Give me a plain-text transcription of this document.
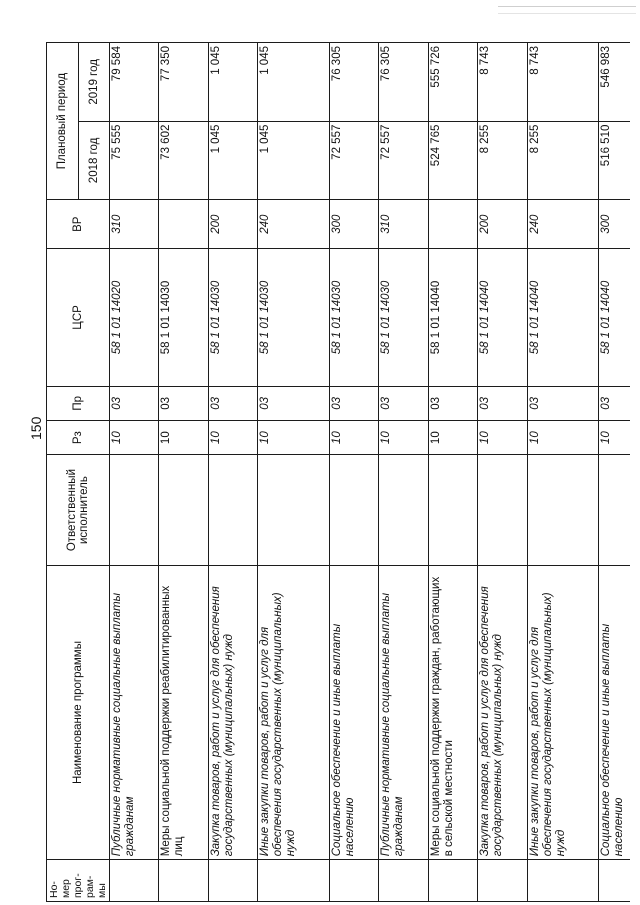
150
Но-
мер
прог-
рам-
мы	Наименование программы	Ответственный исполнитель	Рз	Пр	ЦСР	ВР	Плановый период	
							2018 год	2019 год
	Публичные нормативные социальные выплаты гражданам		10	03	58 1 01 14020	310	75 555	79 584
	Меры социальной поддержки реабилитированных лиц		10	03	58 1 01 14030		73 602	77 350
	Закупка товаров, работ и услуг для обеспечения государственных (муниципальных) нужд		10	03	58 1 01 14030	200	1 045	1 045
	Иные закупки товаров, работ и услуг для обеспечения государственных (муниципальных) нужд		10	03	58 1 01 14030	240	1 045	1 045
	Социальное обеспечение и иные выплаты населению		10	03	58 1 01 14030	300	72 557	76 305
	Публичные нормативные социальные выплаты гражданам		10	03	58 1 01 14030	310	72 557	76 305
	Меры социальной поддержки граждан, работающих в сельской местности		10	03	58 1 01 14040		524 765	555 726
	Закупка товаров, работ и услуг для обеспечения государственных (муниципальных) нужд		10	03	58 1 01 14040	200	8 255	8 743
	Иные закупки товаров, работ и услуг для обеспечения государственных (муниципальных) нужд		10	03	58 1 01 14040	240	8 255	8 743
	Социальное обеспечение и иные выплаты населению		10	03	58 1 01 14040	300	516 510	546 983
